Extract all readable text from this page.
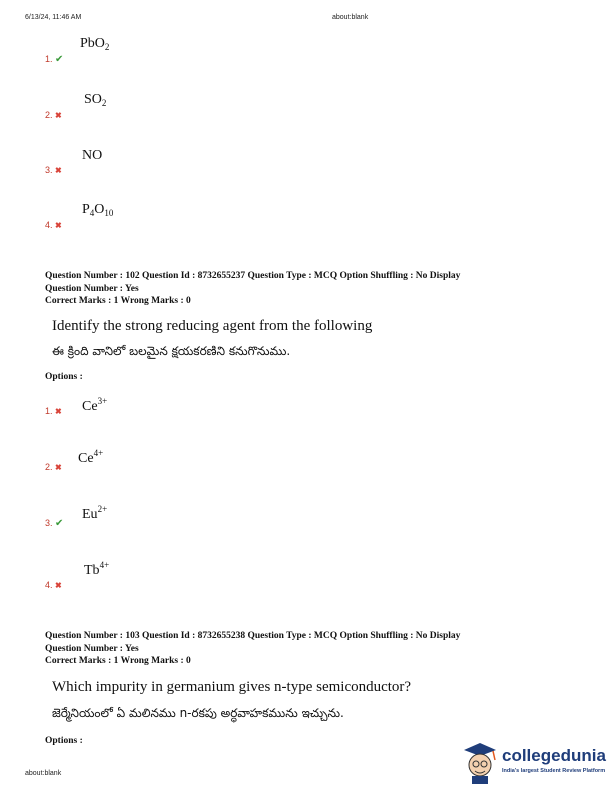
6/13/24, 11:46 AM	about:blank
PbO$_2$
1. ✔
$SO_2$
2. ✖
NO
3. ✖
$P_4O_{10}$
4. ✖
Question Number : 102 Question Id : 8732655237 Question Type : MCQ Option Shuffling : No Display
Question Number : Yes
Correct Marks : 1 Wrong Marks : 0
Identify the strong reducing agent from the following
ఈ క్రింది వానిలో బలమైన క్షయకరణిని కనుగొనుము.
Options :
$Ce^{3+}$
1. ✖
$Ce^{4+}$
2. ✖
$Eu^{2+}$
3. ✔
$Tb^{4+}$
4. ✖
Question Number : 103 Question Id : 8732655238 Question Type : MCQ Option Shuffling : No Display
Question Number : Yes
Correct Marks : 1 Wrong Marks : 0
Which impurity in germanium gives n-type semiconductor?
జెర్మేనియంలో ఏ మలినము n-రకపు అర్ధవాహకమును ఇచ్చును.
Options :
about:blank
collegedunia
India's largest Student Review Platform
